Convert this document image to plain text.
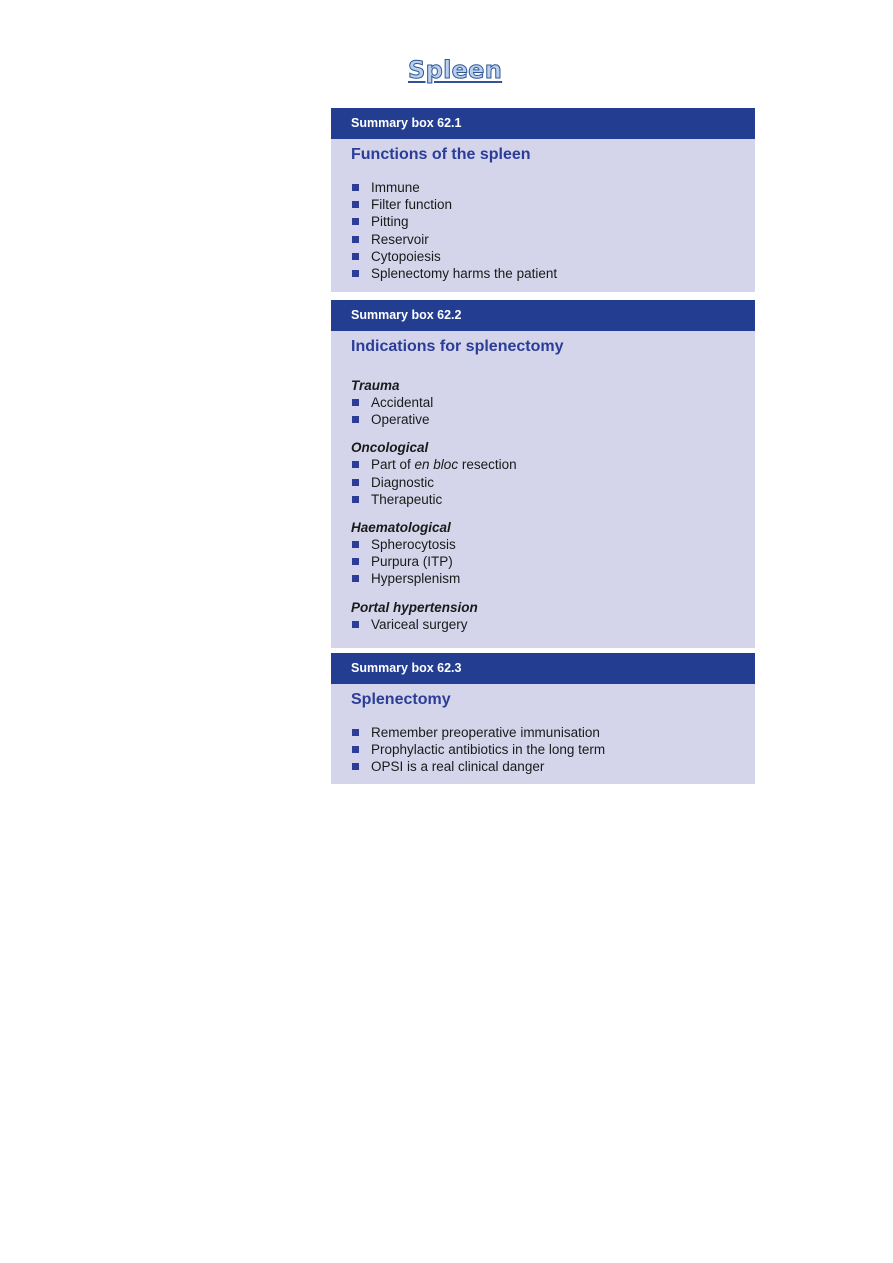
Spleen
Summary box 62.1
Functions of the spleen
Immune
Filter function
Pitting
Reservoir
Cytopoiesis
Splenectomy harms the patient
Summary box 62.2
Indications for splenectomy

Trauma

Accidental
Operative

Oncological

Part of en bloc resection
Diagnostic
Therapeutic

Haematological

Spherocytosis
Purpura (ITP)
Hypersplenism

Portal hypertension

Variceal surgery
Summary box 62.3
Splenectomy
Remember preoperative immunisation
Prophylactic antibiotics in the long term
OPSI is a real clinical danger
